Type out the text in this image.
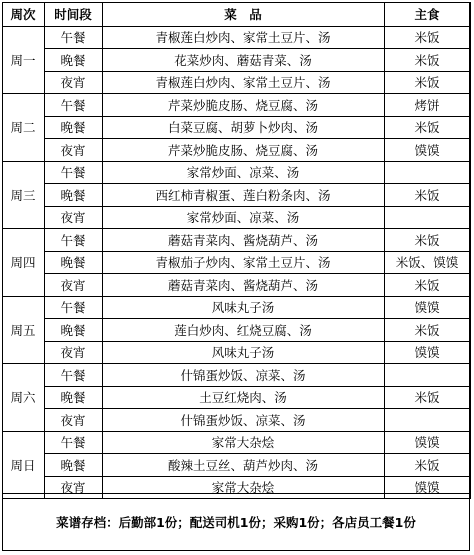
周次	时间段	菜　品	主食
周一	午餐	青椒莲白炒肉、家常土豆片、汤	米饭
	晚餐	花菜炒肉、蘑菇青菜、汤	米饭
	夜宵	青椒莲白炒肉、家常土豆片、汤	米饭
周二	午餐	芹菜炒脆皮肠、烧豆腐、汤	烤饼
	晚餐	白菜豆腐、胡萝卜炒肉、汤	米饭
	夜宵	芹菜炒脆皮肠、烧豆腐、汤	馍馍
周三	午餐	家常炒面、凉菜、汤	
	晚餐	西红柿青椒蛋、莲白粉条肉、汤	米饭
	夜宵	家常炒面、凉菜、汤	
周四	午餐	蘑菇青菜肉、酱烧葫芦、汤	米饭
	晚餐	青椒茄子炒肉、家常土豆片、汤	米饭、馍馍
	夜宵	蘑菇青菜肉、酱烧葫芦、汤	米饭
周五	午餐	风味丸子汤	馍馍
	晚餐	莲白炒肉、红烧豆腐、汤	米饭
	夜宵	风味丸子汤	馍馍
周六	午餐	什锦蛋炒饭、凉菜、汤	
	晚餐	土豆红烧肉、汤	米饭
	夜宵	什锦蛋炒饭、凉菜、汤	
周日	午餐	家常大杂烩	馍馍
	晚餐	酸辣土豆丝、葫芦炒肉、汤	米饭
	夜宵	家常大杂烩	馍馍
菜谱存档：后勤部1份；配送司机1份；采购1份；各店员工餐1份
